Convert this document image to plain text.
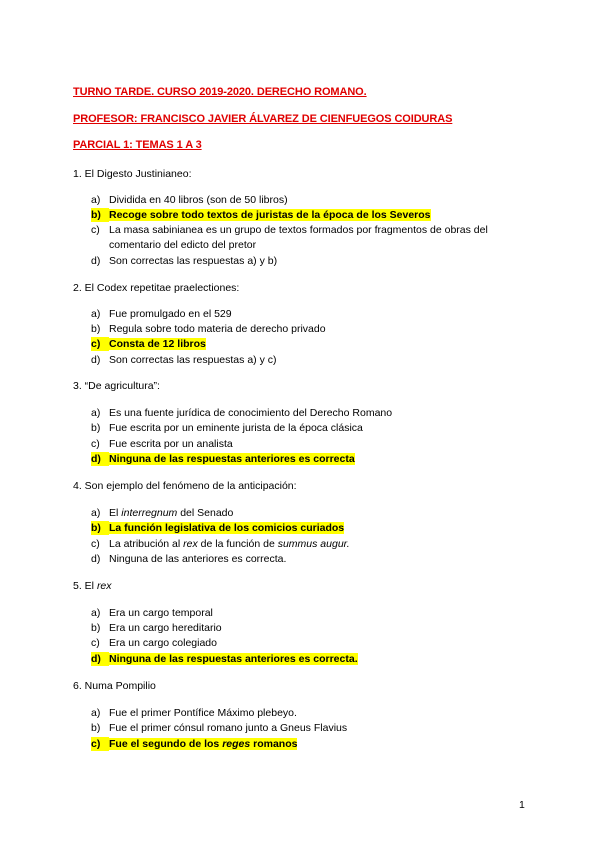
TURNO TARDE. CURSO 2019-2020. DERECHO ROMANO.
PROFESOR: FRANCISCO JAVIER ÁLVAREZ DE CIENFUEGOS COIDURAS
PARCIAL 1: TEMAS 1 A 3
1. El Digesto Justinianeo:
a) Dividida en 40 libros (son de 50 libros)
b) Recoge sobre todo textos de juristas de la época de los Severos
c) La masa sabinianea es un grupo de textos formados por fragmentos de obras del
comentario del edicto del pretor
d) Son correctas las respuestas a) y b)
2. El Codex repetitae praelectiones:
a) Fue promulgado en el 529
b) Regula sobre todo materia de derecho privado
c) Consta de 12 libros
d) Son correctas las respuestas a) y c)
3. “De agricultura”:
a) Es una fuente jurídica de conocimiento del Derecho Romano
b) Fue escrita por un eminente jurista de la época clásica
c) Fue escrita por un analista
d) Ninguna de las respuestas anteriores es correcta
4. Son ejemplo del fenómeno de la anticipación:
a) El interregnum del Senado
b) La función legislativa de los comicios curiados
c) La atribución al rex de la función de summus augur.
d) Ninguna de las anteriores es correcta.
5. El rex
a) Era un cargo temporal
b) Era un cargo hereditario
c) Era un cargo colegiado
d) Ninguna de las respuestas anteriores es correcta.
6. Numa Pompilio
a) Fue el primer Pontífice Máximo plebeyo.
b) Fue el primer cónsul romano junto a Gneus Flavius
c) Fue el segundo de los reges romanos
1
